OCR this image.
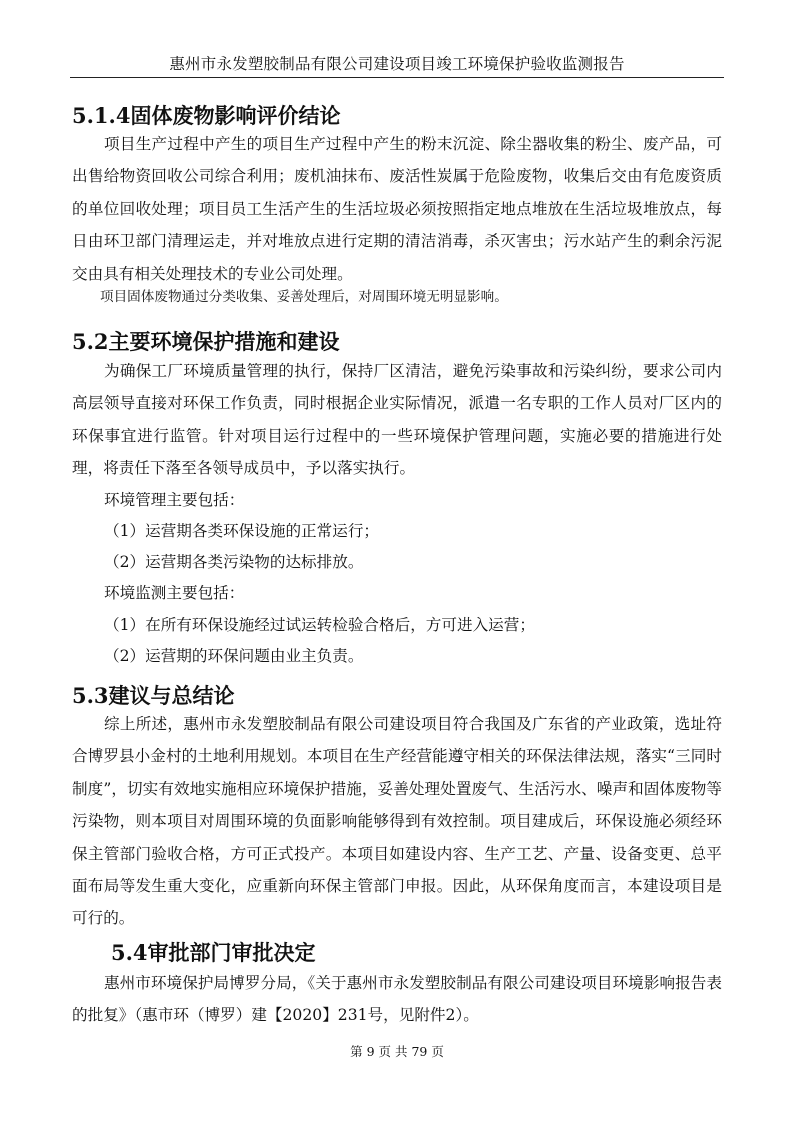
惠州市永发塑胶制品有限公司建设项目竣工环境保护验收监测报告
5.1.4固体废物影响评价结论

项目生产过程中产生的项目生产过程中产生的粉末沉淀、除尘器收集的粉尘、废产品，可出售给物资回收公司综合利用；废机油抹布、废活性炭属于危险废物，收集后交由有危废资质的单位回收处理；项目员工生活产生的生活垃圾必须按照指定地点堆放在生活垃圾堆放点，每日由环卫部门清理运走，并对堆放点进行定期的清洁消毒，杀灭害虫；污水站产生的剩余污泥交由具有相关处理技术的专业公司处理。

项目固体废物通过分类收集、妥善处理后，对周围环境无明显影响。
5.2主要环境保护措施和建设

为确保工厂环境质量管理的执行，保持厂区清洁，避免污染事故和污染纠纷，要求公司内高层领导直接对环保工作负责，同时根据企业实际情况，派遣一名专职的工作人员对厂区内的环保事宜进行监管。针对项目运行过程中的一些环境保护管理问题，实施必要的措施进行处理，将责任下落至各领导成员中，予以落实执行。

环境管理主要包括：
（1）运营期各类环保设施的正常运行；
（2）运营期各类污染物的达标排放。
环境监测主要包括：
（1）在所有环保设施经过试运转检验合格后，方可进入运营；
（2）运营期的环保问题由业主负责。
5.3建议与总结论

综上所述，惠州市永发塑胶制品有限公司建设项目符合我国及广东省的产业政策，选址符合博罗县小金村的土地利用规划。本项目在生产经营能遵守相关的环保法律法规，落实“三同时制度”，切实有效地实施相应环境保护措施，妥善处理处置废气、生活污水、噪声和固体废物等污染物，则本项目对周围环境的负面影响能够得到有效控制。项目建成后，环保设施必须经环保主管部门验收合格，方可正式投产。本项目如建设内容、生产工艺、产量、设备变更、总平面布局等发生重大变化，应重新向环保主管部门申报。因此，从环保角度而言，本建设项目是可行的。

5.4审批部门审批决定

惠州市环境保护局博罗分局，《关于惠州市永发塑胶制品有限公司建设项目环境影响报告表的批复》（惠市环（博罗）建【2020】231号，见附件2）。

第 9 页 共 79 页
